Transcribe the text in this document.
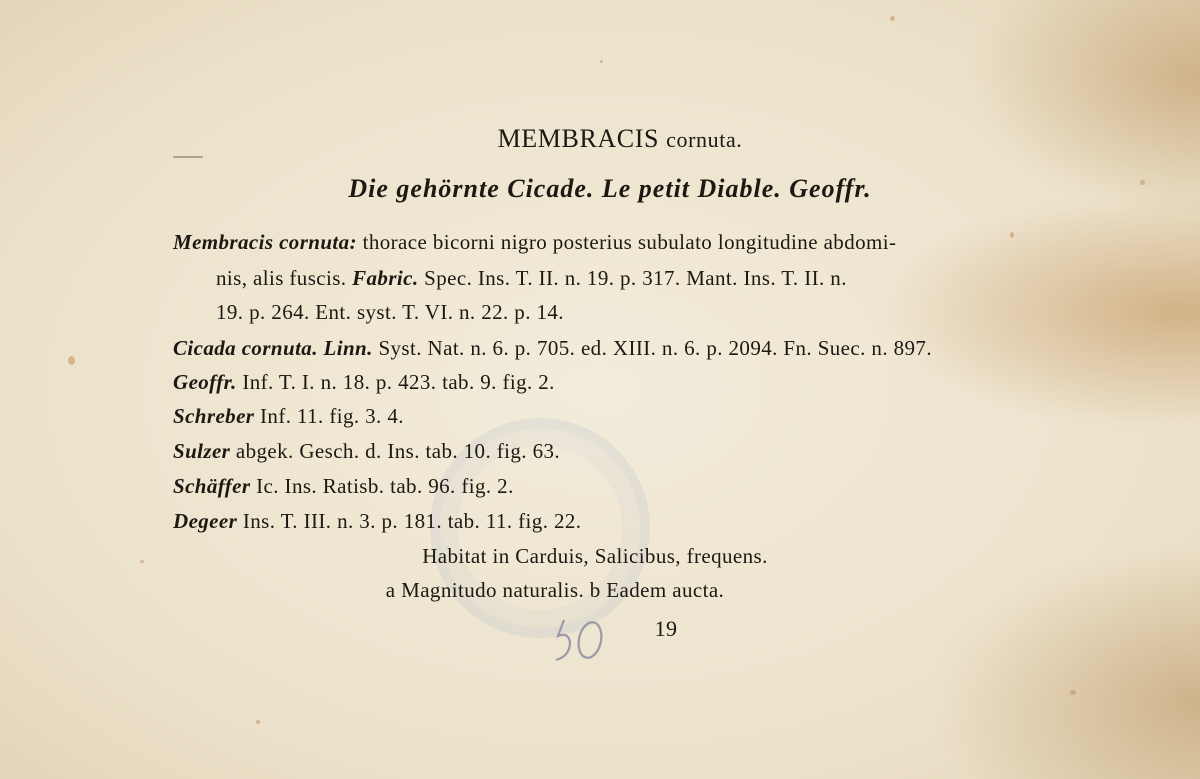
MEMBRACIS cornuta.
Die gehörnte Cicade. Le petit Diable. Geoffr.
Membracis cornuta: thorace bicorni nigro posterius subulato longitudine abdomi-
nis, alis fuscis. Fabric. Spec. Ins. T. II. n. 19. p. 317. Mant. Ins. T. II. n.
19. p. 264. Ent. syst. T. VI. n. 22. p. 14.
Cicada cornuta. Linn. Syst. Nat. n. 6. p. 705. ed. XIII. n. 6. p. 2094. Fn. Suec. n. 897.
Geoffr. Inf. T. I. n. 18. p. 423. tab. 9. fig. 2.
Schreber Inf. 11. fig. 3. 4.
Sulzer abgek. Gesch. d. Ins. tab. 10. fig. 63.
Schäffer Ic. Ins. Ratisb. tab. 96. fig. 2.
Degeer Ins. T. III. n. 3. p. 181. tab. 11. fig. 22.
Habitat in Carduis, Salicibus, frequens.
a Magnitudo naturalis. b Eadem aucta.
19
